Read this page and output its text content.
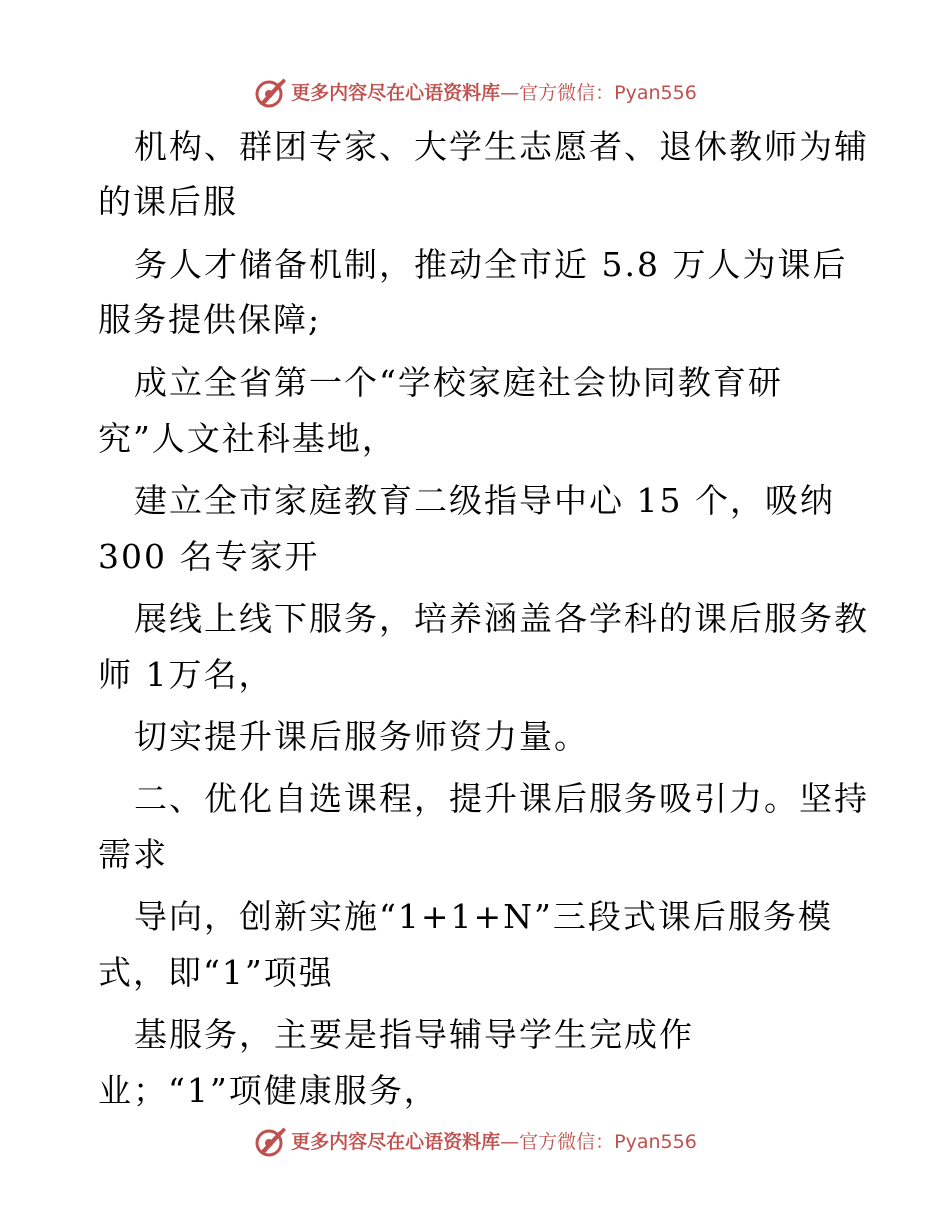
更多内容尽在心语资料库—官方微信：Pyan556
机构、群团专家、大学生志愿者、退休教师为辅
的课后服
务人才储备机制，推动全市近 5.8 万人为课后
服务提供保障;
成立全省第一个“学校家庭社会协同教育研
究”人文社科基地，
建立全市家庭教育二级指导中心 15 个，吸纳
300 名专家开
展线上线下服务，培养涵盖各学科的课后服务教
师 1万名，
切实提升课后服务师资力量。
二、优化自选课程，提升课后服务吸引力。坚持
需求
导向，创新实施“1+1+N”三段式课后服务模
式，即“1”项强
基服务，主要是指导辅导学生完成作
业；“1”项健康服务，
更多内容尽在心语资料库—官方微信：Pyan556
